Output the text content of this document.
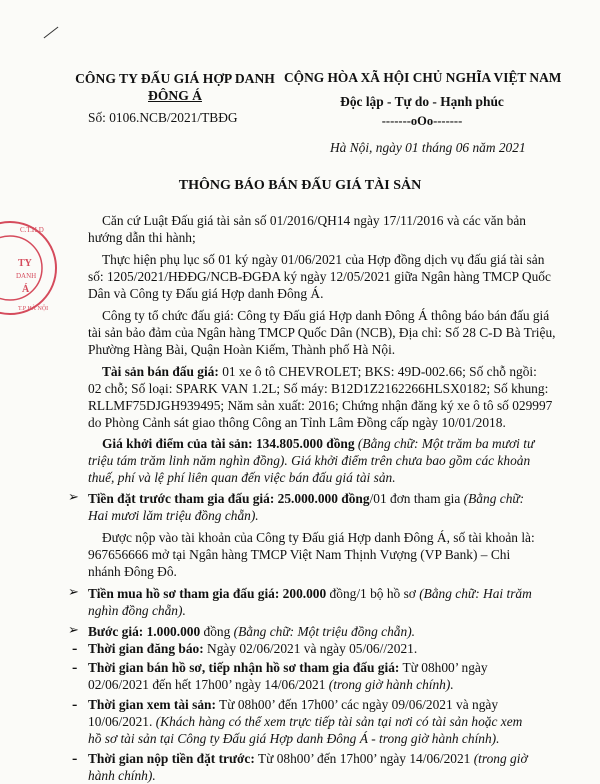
CÔNG TY ĐẤU GIÁ HỢP DANH
ĐÔNG Á
Số: 0106.NCB/2021/TBĐG
CỘNG HÒA XÃ HỘI CHỦ NGHĨA VIỆT NAM
Độc lập - Tự do - Hạnh phúc
-------oOo-------
Hà Nội, ngày 01 tháng 06 năm 2021
C.T.H.D
TY
DANH
Á
T.P HÀ NỘI
THÔNG BÁO BÁN ĐẤU GIÁ TÀI SẢN
Căn cứ Luật Đấu giá tài sản số 01/2016/QH14 ngày 17/11/2016 và các văn bản
hướng dẫn thi hành;
Thực hiện phụ lục số 01 ký ngày 01/06/2021 của Hợp đồng dịch vụ đấu giá tài sản
số: 1205/2021/HĐĐG/NCB-ĐGĐA ký ngày 12/05/2021 giữa Ngân hàng TMCP Quốc
Dân và Công ty Đấu giá Hợp danh Đông Á.
Công ty tổ chức đấu giá: Công ty Đấu giá Hợp danh Đông Á thông báo bán đấu giá
tài sản bảo đảm của Ngân hàng TMCP Quốc Dân (NCB), Địa chỉ: Số 28 C-D Bà Triệu,
Phường Hàng Bài, Quận Hoàn Kiếm, Thành phố Hà Nội.
Tài sản bán đấu giá: 01 xe ô tô CHEVROLET; BKS: 49D-002.66; Số chỗ ngồi:
02 chỗ; Số loại: SPARK VAN 1.2L; Số máy: B12D1Z2162266HLSX0182; Số khung:
RLLMF75DJGH939495; Năm sản xuất: 2016; Chứng nhận đăng ký xe ô tô số 029997
do Phòng Cảnh sát giao thông Công an Tỉnh Lâm Đồng cấp ngày 10/01/2018.
Giá khởi điểm của tài sản: 134.805.000 đồng (Bằng chữ: Một trăm ba mươi tư
triệu tám trăm linh năm nghìn đồng). Giá khởi điểm trên chưa bao gồm các khoản
thuế, phí và lệ phí liên quan đến việc bán đấu giá tài sản.
➢ Tiền đặt trước tham gia đấu giá: 25.000.000 đồng/01 đơn tham gia (Bằng chữ:
Hai mươi lăm triệu đồng chẵn).
Được nộp vào tài khoản của Công ty Đấu giá Hợp danh Đông Á, số tài khoản là:
967656666 mở tại Ngân hàng TMCP Việt Nam Thịnh Vượng (VP Bank) – Chi
nhánh Đông Đô.
➢ Tiền mua hồ sơ tham gia đấu giá: 200.000 đồng/1 bộ hồ sơ (Bằng chữ: Hai trăm
nghìn đồng chẵn).
➢ Bước giá: 1.000.000 đồng (Bằng chữ: Một triệu đồng chẵn).
- Thời gian đăng báo: Ngày 02/06/2021 và ngày 05/06//2021.
- Thời gian bán hồ sơ, tiếp nhận hồ sơ tham gia đấu giá: Từ 08h00’ ngày
02/06/2021 đến hết 17h00’ ngày 14/06/2021 (trong giờ hành chính).
- Thời gian xem tài sản: Từ 08h00’ đến 17h00’ các ngày 09/06/2021 và ngày
10/06/2021. (Khách hàng có thể xem trực tiếp tài sản tại nơi có tài sản hoặc xem
hồ sơ tài sản tại Công ty Đấu giá Hợp danh Đông Á - trong giờ hành chính).
- Thời gian nộp tiền đặt trước: Từ 08h00’ đến 17h00’ ngày 14/06/2021 (trong giờ
hành chính).
